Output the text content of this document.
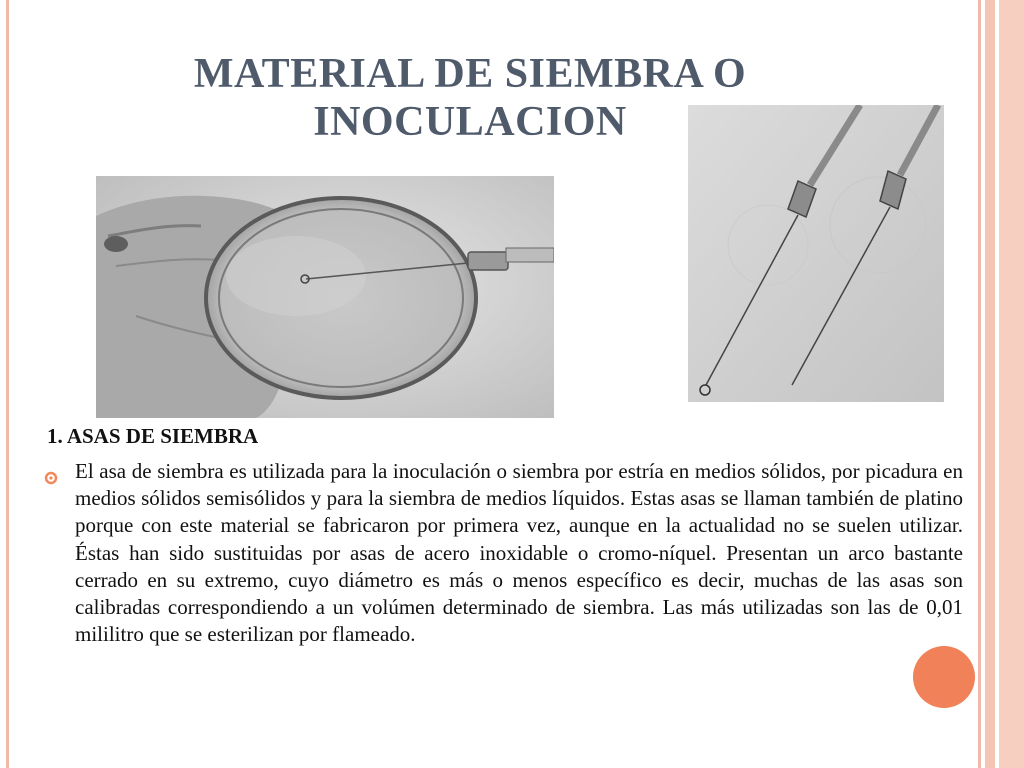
MATERIAL DE SIEMBRA O
INOCULACION
1. ASAS DE SIEMBRA
El asa de siembra es utilizada para la inoculación o siembra por estría en medios sólidos, por picadura en medios sólidos semisólidos y para la siembra de medios líquidos. Estas asas se llaman también de platino porque con este material se fabricaron por primera vez, aunque en la actualidad no se suelen utilizar. Éstas han sido sustituidas por asas de acero inoxidable o cromo-níquel. Presentan un arco bastante cerrado en su extremo, cuyo diámetro es más o menos específico es decir, muchas de las asas son calibradas correspondiendo a un volúmen determinado de siembra. Las más utilizadas son las de 0,01 mililitro que se esterilizan por flameado.
